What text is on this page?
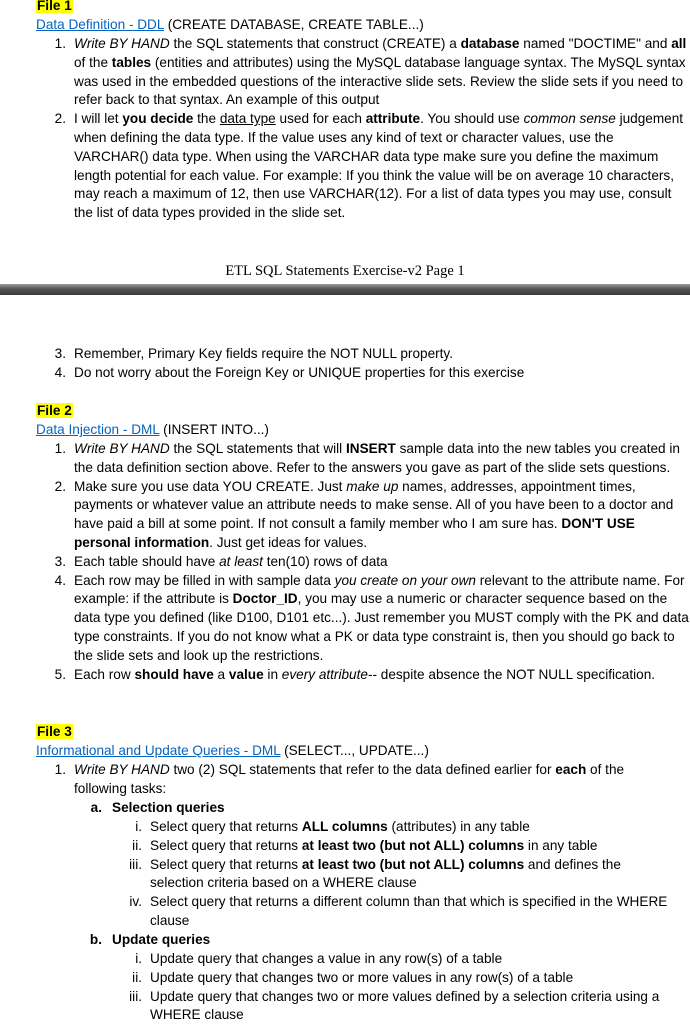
File 1
Data Definition - DDL (CREATE DATABASE, CREATE TABLE...)
1. Write BY HAND the SQL statements that construct (CREATE) a database named "DOCTIME" and all of the tables (entities and attributes) using the MySQL database language syntax. The MySQL syntax was used in the embedded questions of the interactive slide sets. Review the slide sets if you need to refer back to that syntax. An example of this output
2. I will let you decide the data type used for each attribute. You should use common sense judgement when defining the data type. If the value uses any kind of text or character values, use the VARCHAR() data type. When using the VARCHAR data type make sure you define the maximum length potential for each value. For example: If you think the value will be on average 10 characters, may reach a maximum of 12, then use VARCHAR(12). For a list of data types you may use, consult the list of data types provided in the slide set.
ETL SQL Statements Exercise-v2 Page 1
3. Remember, Primary Key fields require the NOT NULL property.
4. Do not worry about the Foreign Key or UNIQUE properties for this exercise
File 2
Data Injection - DML (INSERT INTO...)
1. Write BY HAND the SQL statements that will INSERT sample data into the new tables you created in the data definition section above. Refer to the answers you gave as part of the slide sets questions.
2. Make sure you use data YOU CREATE. Just make up names, addresses, appointment times, payments or whatever value an attribute needs to make sense. All of you have been to a doctor and have paid a bill at some point. If not consult a family member who I am sure has. DON'T USE personal information. Just get ideas for values.
3. Each table should have at least ten(10) rows of data
4. Each row may be filled in with sample data you create on your own relevant to the attribute name. For example: if the attribute is Doctor_ID, you may use a numeric or character sequence based on the data type you defined (like D100, D101 etc...). Just remember you MUST comply with the PK and data type constraints. If you do not know what a PK or data type constraint is, then you should go back to the slide sets and look up the restrictions.
5. Each row should have a value in every attribute-- despite absence the NOT NULL specification.
File 3
Informational and Update Queries - DML (SELECT..., UPDATE...)
1. Write BY HAND two (2) SQL statements that refer to the data defined earlier for each of the following tasks:
a. Selection queries
i. Select query that returns ALL columns (attributes) in any table
ii. Select query that returns at least two (but not ALL) columns in any table
iii. Select query that returns at least two (but not ALL) columns and defines the selection criteria based on a WHERE clause
iv. Select query that returns a different column than that which is specified in the WHERE clause
b. Update queries
i. Update query that changes a value in any row(s) of a table
ii. Update query that changes two or more values in any row(s) of a table
iii. Update query that changes two or more values defined by a selection criteria using a WHERE clause
